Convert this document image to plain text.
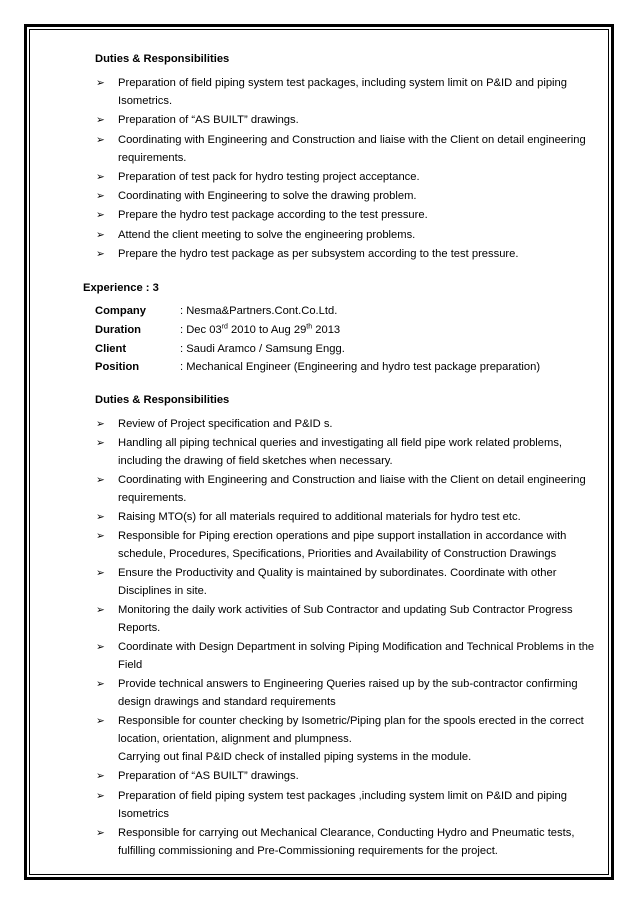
Duties & Responsibilities
➢ Preparation of field piping system test packages, including system limit on P&ID and piping Isometrics.
➢ Preparation of “AS BUILT” drawings.
➢ Coordinating with Engineering and Construction and liaise with the Client on detail engineering requirements.
➢ Preparation of test pack for hydro testing project acceptance.
➢ Coordinating with Engineering to solve the drawing problem.
➢ Prepare the hydro test package according to the test pressure.
➢ Attend the client meeting to solve the engineering problems.
➢ Prepare the hydro test package as per subsystem according to the test pressure.
Experience : 3
Company	: Nesma&Partners.Cont.Co.Ltd.
Duration	: Dec 03rd 2010 to Aug 29th 2013
Client	: Saudi Aramco / Samsung Engg.
Position	: Mechanical Engineer (Engineering and hydro test package preparation)
Duties & Responsibilities
➢ Review of Project specification and P&ID s.
➢ Handling all piping technical queries and investigating all field pipe work related problems, including the drawing of field sketches when necessary.
➢ Coordinating with Engineering and Construction and liaise with the Client on detail engineering requirements.
➢ Raising MTO(s) for all materials required to additional materials for hydro test etc.
➢ Responsible for Piping erection operations and pipe support installation in accordance with schedule, Procedures, Specifications, Priorities and Availability of Construction Drawings
➢ Ensure the Productivity and Quality is maintained by subordinates. Coordinate with other Disciplines in site.
➢ Monitoring the daily work activities of Sub Contractor and updating Sub Contractor Progress Reports.
➢ Coordinate with Design Department in solving Piping Modification and Technical Problems in the Field
➢ Provide technical answers to Engineering Queries raised up by the sub-contractor confirming design drawings and standard requirements
➢ Responsible for counter checking by Isometric/Piping plan for the spools erected in the correct location, orientation, alignment and plumpness.
Carrying out final P&ID check of installed piping systems in the module.
➢ Preparation of “AS BUILT” drawings.
➢ Preparation of field piping system test packages ,including system limit on P&ID and piping Isometrics
➢ Responsible for carrying out Mechanical Clearance, Conducting Hydro and Pneumatic tests, fulfilling commissioning and Pre-Commissioning requirements for the project.
